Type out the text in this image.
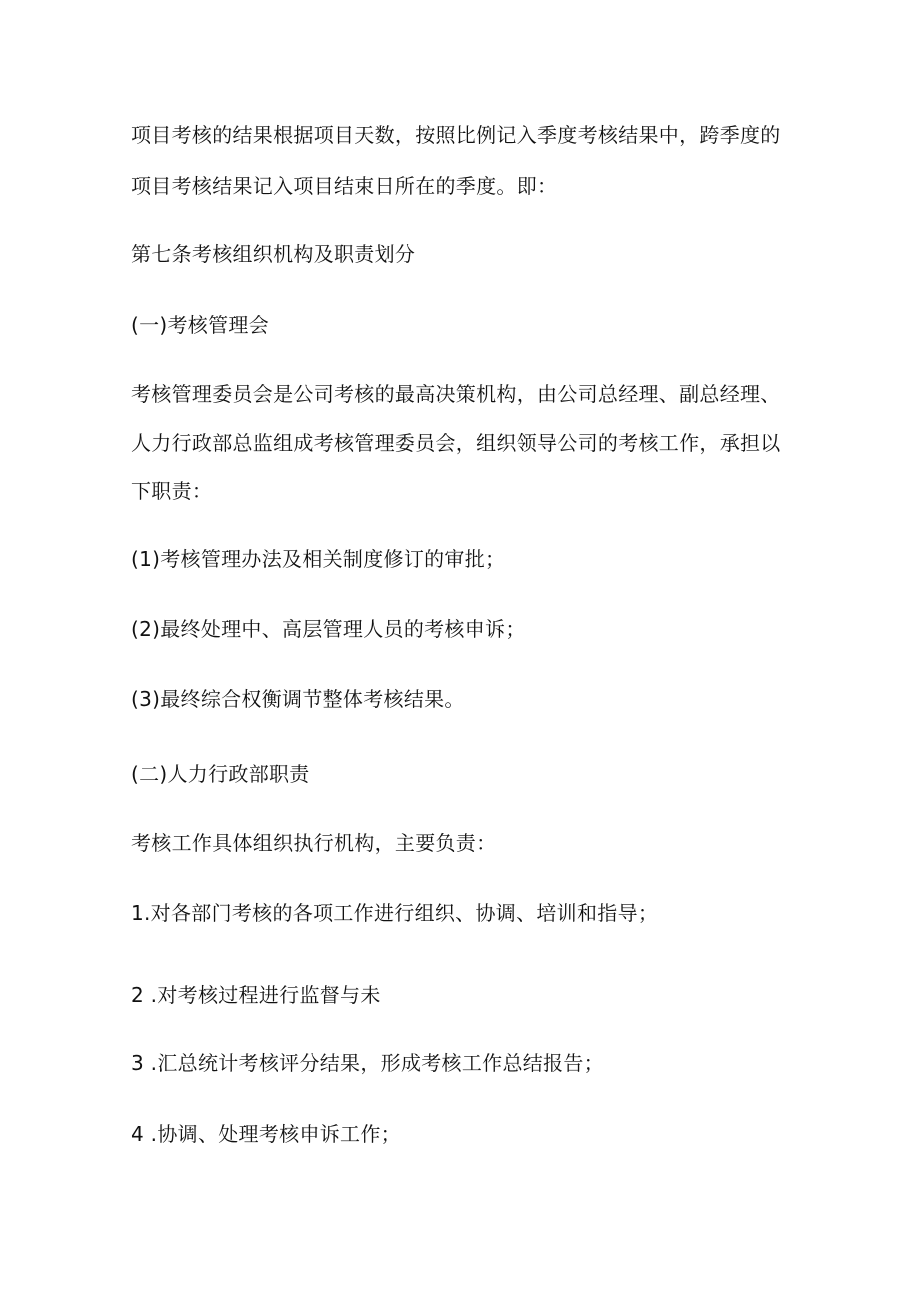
项目考核的结果根据项目天数，按照比例记入季度考核结果中，跨季度的
项目考核结果记入项目结束日所在的季度。即：
第七条考核组织机构及职责划分
(一)考核管理会
考核管理委员会是公司考核的最高决策机构，由公司总经理、副总经理、
人力行政部总监组成考核管理委员会，组织领导公司的考核工作，承担以
下职责：
(1)考核管理办法及相关制度修订的审批；
(2)最终处理中、高层管理人员的考核申诉；
(3)最终综合权衡调节整体考核结果。
(二)人力行政部职责
考核工作具体组织执行机构，主要负责：
1.对各部门考核的各项工作进行组织、协调、培训和指导；
2 .对考核过程进行监督与未
3 .汇总统计考核评分结果，形成考核工作总结报告；
4 .协调、处理考核申诉工作；
